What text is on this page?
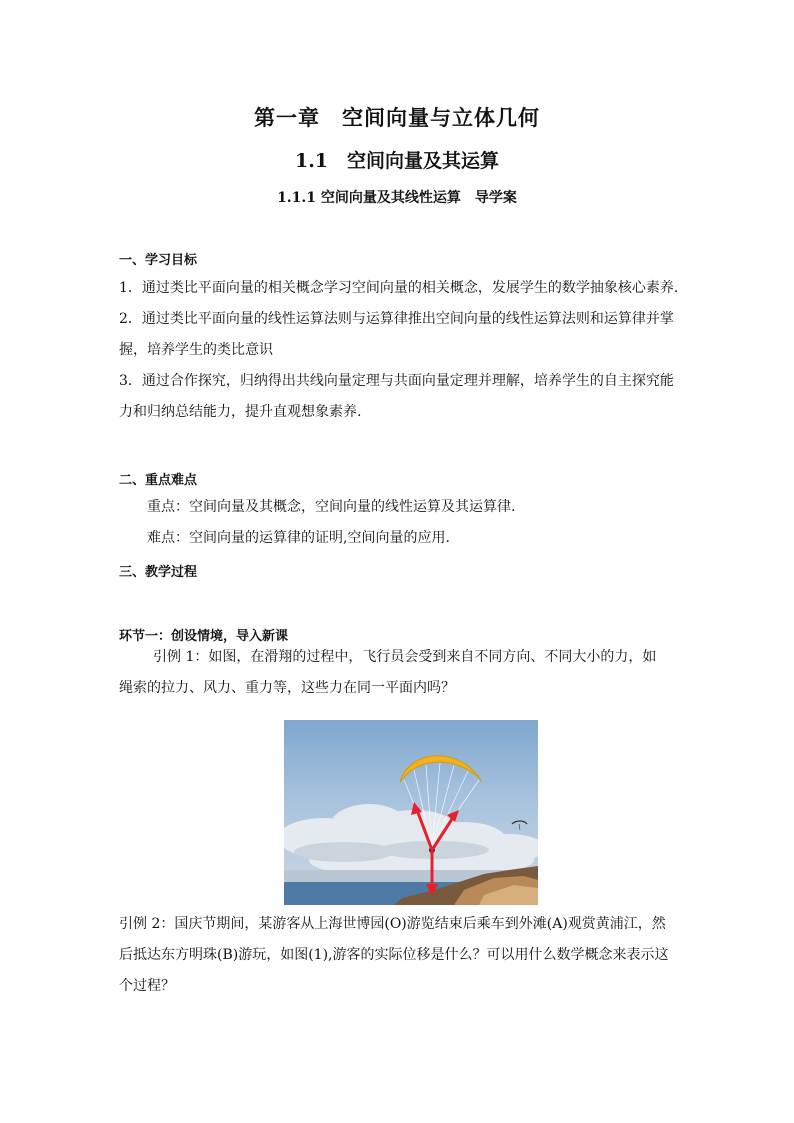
第一章　空间向量与立体几何
1.1　空间向量及其运算
1.1.1 空间向量及其线性运算　导学案
一、学习目标
1．通过类比平面向量的相关概念学习空间向量的相关概念，发展学生的数学抽象核心素养.
2．通过类比平面向量的线性运算法则与运算律推出空间向量的线性运算法则和运算律并掌
握，培养学生的类比意识
3．通过合作探究，归纳得出共线向量定理与共面向量定理并理解，培养学生的自主探究能
力和归纳总结能力，提升直观想象素养.
二、重点难点
重点：空间向量及其概念，空间向量的线性运算及其运算律.
难点：空间向量的运算律的证明,空间向量的应用.
三、教学过程
环节一：创设情境，导入新课
引例 1：如图，在滑翔的过程中，飞行员会受到来自不同方向、不同大小的力，如
绳索的拉力、风力、重力等，这些力在同一平面内吗？
引例 2：国庆节期间，某游客从上海世博园(O)游览结束后乘车到外滩(A)观赏黄浦江，然
后抵达东方明珠(B)游玩，如图(1),游客的实际位移是什么？可以用什么数学概念来表示这
个过程？
